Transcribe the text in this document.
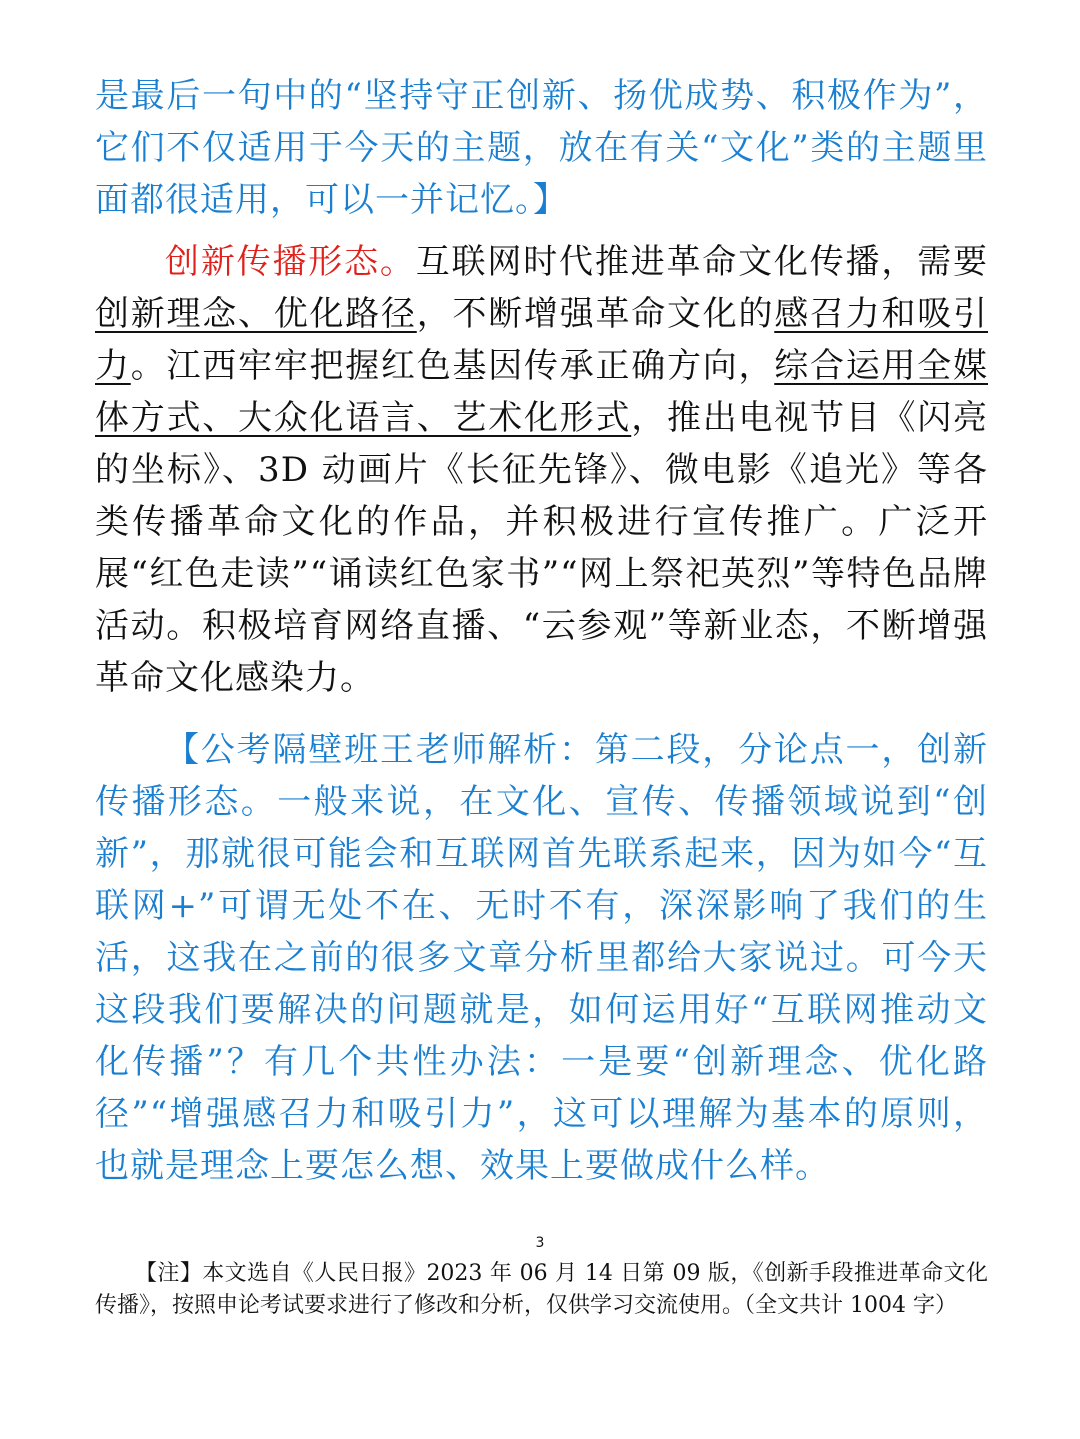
是最后一句中的“坚持守正创新、扬优成势、积极作为”，它们不仅适用于今天的主题，放在有关“文化”类的主题里面都很适用，可以一并记忆。】

创新传播形态。互联网时代推进革命文化传播，需要创新理念、优化路径，不断增强革命文化的感召力和吸引力。江西牢牢把握红色基因传承正确方向，综合运用全媒体方式、大众化语言、艺术化形式，推出电视节目《闪亮的坐标》、3D 动画片《长征先锋》、微电影《追光》等各类传播革命文化的作品，并积极进行宣传推广。广泛开展“红色走读”“诵读红色家书”“网上祭祀英烈”等特色品牌活动。积极培育网络直播、“云参观”等新业态，不断增强革命文化感染力。

【公考隔壁班王老师解析：第二段，分论点一，创新传播形态。一般来说，在文化、宣传、传播领域说到“创新”，那就很可能会和互联网首先联系起来，因为如今“互联网+”可谓无处不在、无时不有，深深影响了我们的生活，这我在之前的很多文章分析里都给大家说过。可今天这段我们要解决的问题就是，如何运用好“互联网推动文化传播”？有几个共性办法：一是要“创新理念、优化路径”“增强感召力和吸引力”，这可以理解为基本的原则，也就是理念上要怎么想、效果上要做成什么样。

3
【注】本文选自《人民日报》2023 年 06 月 14 日第 09 版，《创新手段推进革命文化传播》，按照申论考试要求进行了修改和分析，仅供学习交流使用。（全文共计 1004 字）
